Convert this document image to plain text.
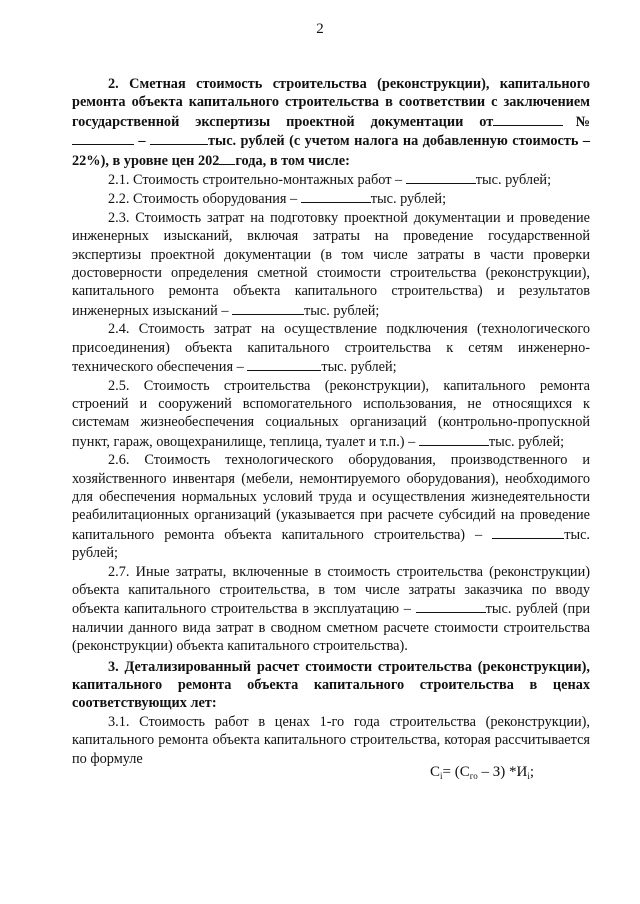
2

2. Сметная стоимость строительства (реконструкции), капитального ремонта объекта капитального строительства в соответствии с заключением государственной экспертизы проектной документации от	№ –	тыс. рублей (с учетом налога на добавленную стоимость – 22%), в уровне цен 202 года, в том числе:

2.1. Стоимость строительно-монтажных работ –	тыс. рублей;

2.2. Стоимость оборудования –	тыс. рублей;

2.3. Стоимость затрат на подготовку проектной документации и проведение инженерных изысканий, включая затраты на проведение государственной экспертизы проектной документации (в том числе затраты в части проверки достоверности определения сметной стоимости строительства (реконструкции), капитального ремонта объекта капитального строительства) и результатов инженерных изысканий –	тыс. рублей;

2.4. Стоимость затрат на осуществление подключения (технологического присоединения) объекта капитального строительства к сетям инженерно-технического обеспечения –	тыс. рублей;

2.5. Стоимость строительства (реконструкции), капитального ремонта строений и сооружений вспомогательного использования, не относящихся к системам жизнеобеспечения социальных организаций (контрольно-пропускной пункт, гараж, овощехранилище, теплица, туалет и т.п.) –	тыс. рублей;

2.6. Стоимость технологического оборудования, производственного и хозяйственного инвентаря (мебели, немонтируемого оборудования), необходимого для обеспечения нормальных условий труда и осуществления жизнедеятельности реабилитационных организаций (указывается при расчете субсидий на проведение капитального ремонта объекта капитального строительства) –	тыс. рублей;

2.7. Иные затраты, включенные в стоимость строительства (реконструкции) объекта капитального строительства, в том числе затраты заказчика по вводу объекта капитального строительства в эксплуатацию –	тыс. рублей (при наличии данного вида затрат в сводном сметном расчете стоимости строительства (реконструкции) объекта капитального строительства).

3. Детализированный расчет стоимости строительства (реконструкции), капитального ремонта объекта капитального строительства в ценах соответствующих лет:

3.1. Стоимость работ в ценах 1-го года строительства (реконструкции), капитального ремонта объекта капитального строительства, которая рассчитывается по формуле

$C_i= (C_{го} - З)$ $*И_i$;
